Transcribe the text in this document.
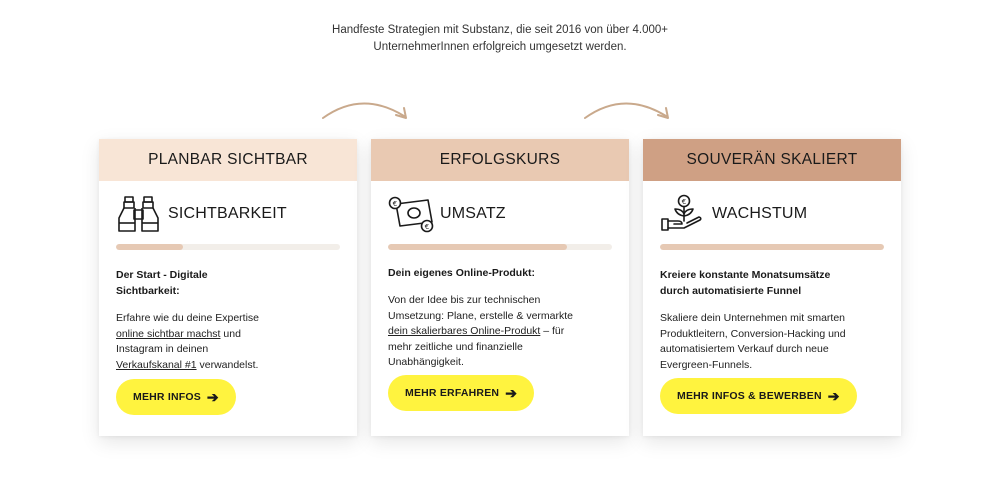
Handfeste Strategien mit Substanz, die seit 2016 von über 4.000+
UnternehmerInnen erfolgreich umgesetzt werden.
PLANBAR SICHTBAR
SICHTBARKEIT
Der Start - Digitale
Sichtbarkeit:
Erfahre wie du deine Expertise
online sichtbar machst und
Instagram in deinen
Verkaufskanal #1 verwandelst.
MEHR INFOS ➔
ERFOLGSKURS
€
€
UMSATZ
Dein eigenes Online-Produkt:
Von der Idee bis zur technischen
Umsetzung: Plane, erstelle & vermarkte
dein skalierbares Online-Produkt – für
mehr zeitliche und finanzielle
Unabhängigkeit.
MEHR ERFAHREN ➔
SOUVERÄN SKALIERT
€
WACHSTUM
Kreiere konstante Monatsumsätze
durch automatisierte Funnel
Skaliere dein Unternehmen mit smarten
Produktleitern, Conversion-Hacking und
automatisiertem Verkauf durch neue
Evergreen-Funnels.
MEHR INFOS & BEWERBEN ➔
